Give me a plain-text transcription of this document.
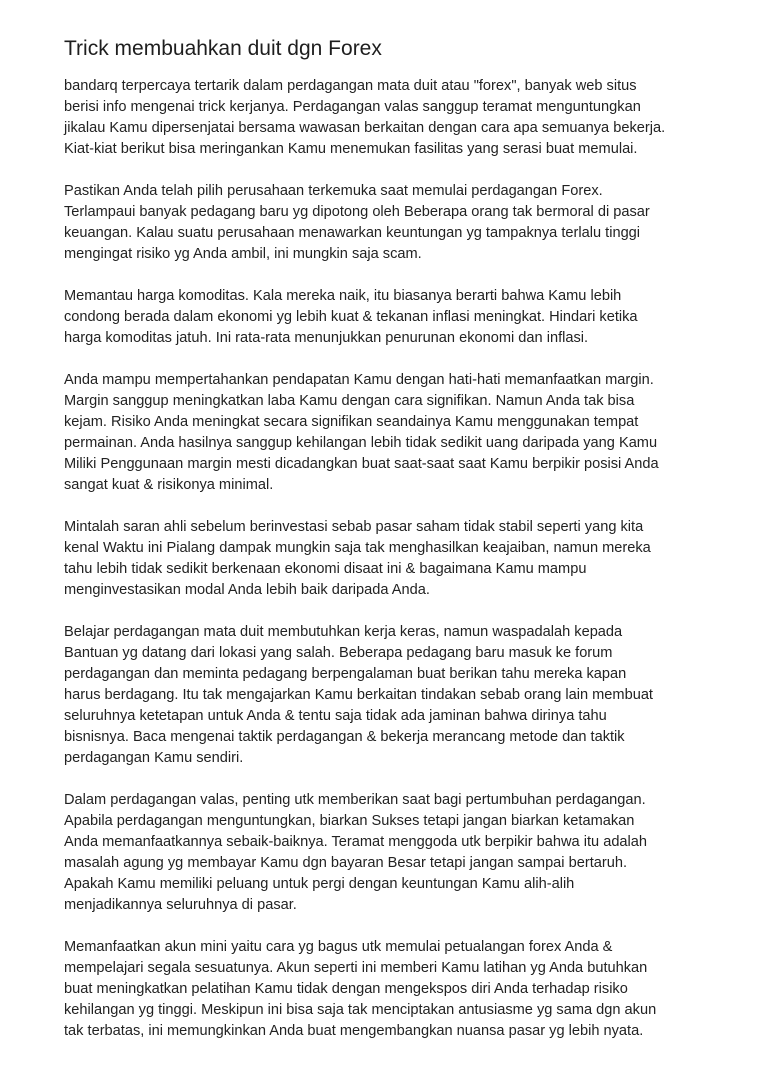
Trick membuahkan duit dgn Forex

bandarq terpercaya tertarik dalam perdagangan mata duit atau "forex", banyak web situs
berisi info mengenai trick kerjanya. Perdagangan valas sanggup teramat menguntungkan
jikalau Kamu dipersenjatai bersama wawasan berkaitan dengan cara apa semuanya bekerja.
Kiat-kiat berikut bisa meringankan Kamu menemukan fasilitas yang serasi buat memulai.

Pastikan Anda telah pilih perusahaan terkemuka saat memulai perdagangan Forex.
Terlampaui banyak pedagang baru yg dipotong oleh Beberapa orang tak bermoral di pasar
keuangan. Kalau suatu perusahaan menawarkan keuntungan yg tampaknya terlalu tinggi
mengingat risiko yg Anda ambil, ini mungkin saja scam.

Memantau harga komoditas. Kala mereka naik, itu biasanya berarti bahwa Kamu lebih
condong berada dalam ekonomi yg lebih kuat & tekanan inflasi meningkat. Hindari ketika
harga komoditas jatuh. Ini rata-rata menunjukkan penurunan ekonomi dan inflasi.

Anda mampu mempertahankan pendapatan Kamu dengan hati-hati memanfaatkan margin.
Margin sanggup meningkatkan laba Kamu dengan cara signifikan. Namun Anda tak bisa
kejam. Risiko Anda meningkat secara signifikan seandainya Kamu menggunakan tempat
permainan. Anda hasilnya sanggup kehilangan lebih tidak sedikit uang daripada yang Kamu
Miliki Penggunaan margin mesti dicadangkan buat saat-saat saat Kamu berpikir posisi Anda
sangat kuat & risikonya minimal.

Mintalah saran ahli sebelum berinvestasi sebab pasar saham tidak stabil seperti yang kita
kenal Waktu ini Pialang dampak mungkin saja tak menghasilkan keajaiban, namun mereka
tahu lebih tidak sedikit berkenaan ekonomi disaat ini & bagaimana Kamu mampu
menginvestasikan modal Anda lebih baik daripada Anda.

Belajar perdagangan mata duit membutuhkan kerja keras, namun waspadalah kepada
Bantuan yg datang dari lokasi yang salah. Beberapa pedagang baru masuk ke forum
perdagangan dan meminta pedagang berpengalaman buat berikan tahu mereka kapan
harus berdagang. Itu tak mengajarkan Kamu berkaitan tindakan sebab orang lain membuat
seluruhnya ketetapan untuk Anda & tentu saja tidak ada jaminan bahwa dirinya tahu
bisnisnya. Baca mengenai taktik perdagangan & bekerja merancang metode dan taktik
perdagangan Kamu sendiri.

Dalam perdagangan valas, penting utk memberikan saat bagi pertumbuhan perdagangan.
Apabila perdagangan menguntungkan, biarkan Sukses tetapi jangan biarkan ketamakan
Anda memanfaatkannya sebaik-baiknya. Teramat menggoda utk berpikir bahwa itu adalah
masalah agung yg membayar Kamu dgn bayaran Besar tetapi jangan sampai bertaruh.
Apakah Kamu memiliki peluang untuk pergi dengan keuntungan Kamu alih-alih
menjadikannya seluruhnya di pasar.

Memanfaatkan akun mini yaitu cara yg bagus utk memulai petualangan forex Anda &
mempelajari segala sesuatunya. Akun seperti ini memberi Kamu latihan yg Anda butuhkan
buat meningkatkan pelatihan Kamu tidak dengan mengekspos diri Anda terhadap risiko
kehilangan yg tinggi. Meskipun ini bisa saja tak menciptakan antusiasme yg sama dgn akun
tak terbatas, ini memungkinkan Anda buat mengembangkan nuansa pasar yg lebih nyata.
